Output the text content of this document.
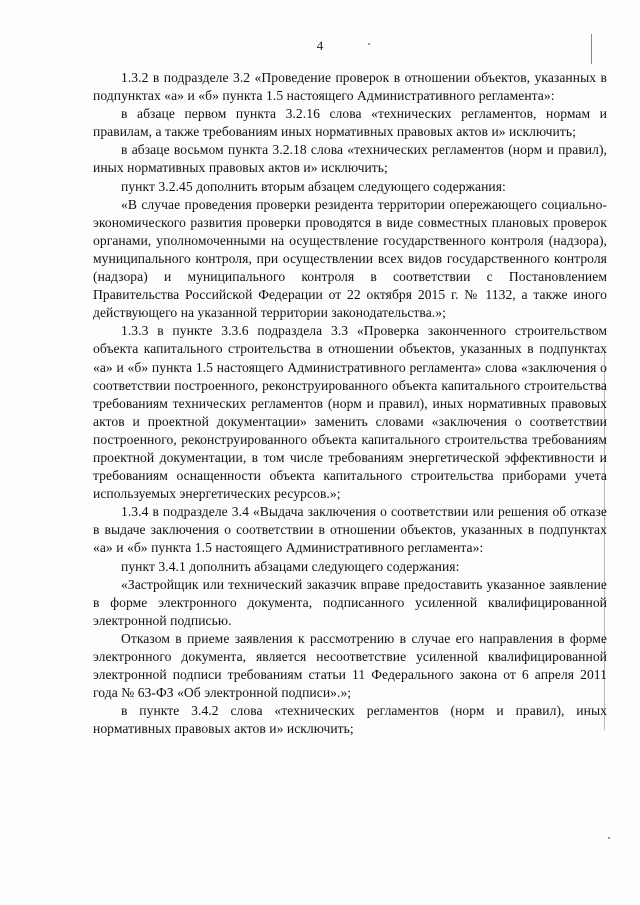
4

1.3.2 в подразделе 3.2 «Проведение проверок в отношении объектов, указанных в подпунктах «а» и «б» пункта 1.5 настоящего Административного регламента»:

в абзаце первом пункта 3.2.16 слова «технических регламентов, нормам и правилам, а также требованиям иных нормативных правовых актов и» исключить;

в абзаце восьмом пункта 3.2.18 слова «технических регламентов (норм и правил), иных нормативных правовых актов и» исключить;

пункт 3.2.45 дополнить вторым абзацем следующего содержания:

«В случае проведения проверки резидента территории опережающего социально-экономического развития проверки проводятся в виде совместных плановых проверок органами, уполномоченными на осуществление государственного контроля (надзора), муниципального контроля, при осуществлении всех видов государственного контроля (надзора) и муниципального контроля в соответствии с Постановлением Правительства Российской Федерации от 22 октября 2015 г. № 1132, а также иного действующего на указанной территории законодательства.»;

1.3.3 в пункте 3.3.6 подраздела 3.3 «Проверка законченного строительством объекта капитального строительства в отношении объектов, указанных в подпунктах «а» и «б» пункта 1.5 настоящего Административного регламента» слова «заключения о соответствии построенного, реконструированного объекта капитального строительства требованиям технических регламентов (норм и правил), иных нормативных правовых актов и проектной документации» заменить словами «заключения о соответствии построенного, реконструированного объекта капитального строительства требованиям проектной документации, в том числе требованиям энергетической эффективности и требованиям оснащенности объекта капитального строительства приборами учета используемых энергетических ресурсов.»;

1.3.4 в подразделе 3.4 «Выдача заключения о соответствии или решения об отказе в выдаче заключения о соответствии в отношении объектов, указанных в подпунктах «а» и «б» пункта 1.5 настоящего Административного регламента»:

пункт 3.4.1 дополнить абзацами следующего содержания:

«Застройщик или технический заказчик вправе предоставить указанное заявление в форме электронного документа, подписанного усиленной квалифицированной электронной подписью.

Отказом в приеме заявления к рассмотрению в случае его направления в форме электронного документа, является несоответствие усиленной квалифицированной электронной подписи требованиям статьи 11 Федерального закона от 6 апреля 2011 года № 63-ФЗ «Об электронной подписи».»;

в пункте 3.4.2 слова «технических регламентов (норм и правил), иных нормативных правовых актов и» исключить;
